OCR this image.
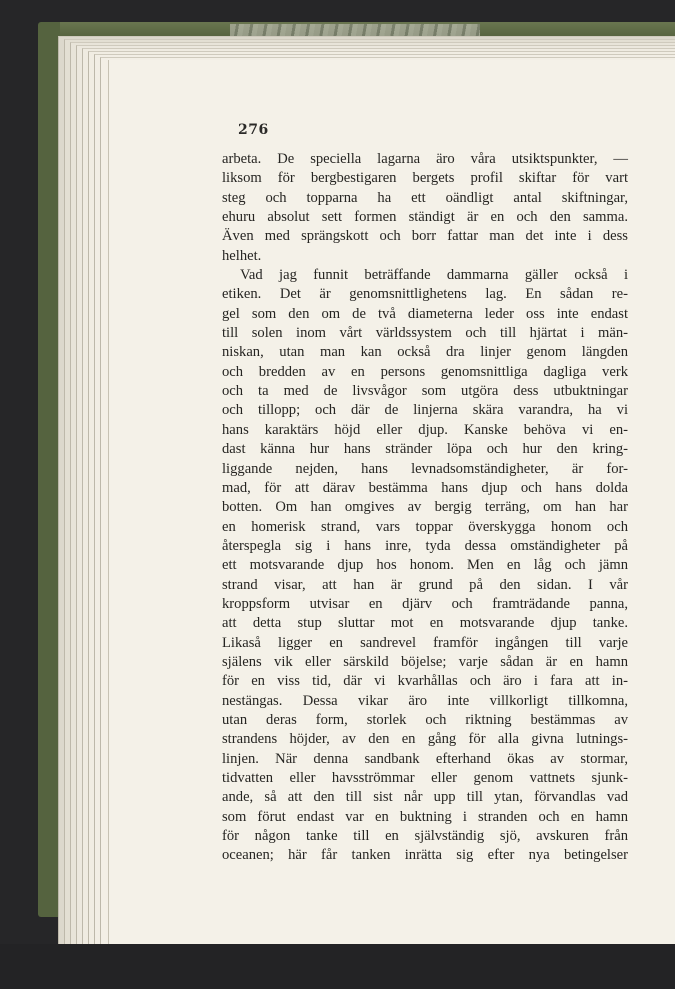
276
arbeta. De speciella lagarna äro våra utsiktspunkter, —
liksom för bergbestigaren bergets profil skiftar för vart
steg och topparna ha ett oändligt antal skiftningar,
ehuru absolut sett formen ständigt är en och den samma.
Även med sprängskott och borr fattar man det inte i dess
helhet.
Vad jag funnit beträffande dammarna gäller också i
etiken. Det är genomsnittlighetens lag. En sådan re-
gel som den om de två diameterna leder oss inte endast
till solen inom vårt världssystem och till hjärtat i män-
niskan, utan man kan också dra linjer genom längden
och bredden av en persons genomsnittliga dagliga verk
och ta med de livsvågor som utgöra dess utbuktningar
och tillopp; och där de linjerna skära varandra, ha vi
hans karaktärs höjd eller djup. Kanske behöva vi en-
dast känna hur hans stränder löpa och hur den kring-
liggande nejden, hans levnadsomständigheter, är for-
mad, för att därav bestämma hans djup och hans dolda
botten. Om han omgives av bergig terräng, om han har
en homerisk strand, vars toppar överskygga honom och
återspegla sig i hans inre, tyda dessa omständigheter på
ett motsvarande djup hos honom. Men en låg och jämn
strand visar, att han är grund på den sidan. I vår
kroppsform utvisar en djärv och framträdande panna,
att detta stup sluttar mot en motsvarande djup tanke.
Likaså ligger en sandrevel framför ingången till varje
själens vik eller särskild böjelse; varje sådan är en hamn
för en viss tid, där vi kvarhållas och äro i fara att in-
nestängas. Dessa vikar äro inte villkorligt tillkomna,
utan deras form, storlek och riktning bestämmas av
strandens höjder, av den en gång för alla givna lutnings-
linjen. När denna sandbank efterhand ökas av stormar,
tidvatten eller havsströmmar eller genom vattnets sjunk-
ande, så att den till sist når upp till ytan, förvandlas vad
som förut endast var en buktning i stranden och en hamn
för någon tanke till en självständig sjö, avskuren från
oceanen; här får tanken inrätta sig efter nya betingelser
